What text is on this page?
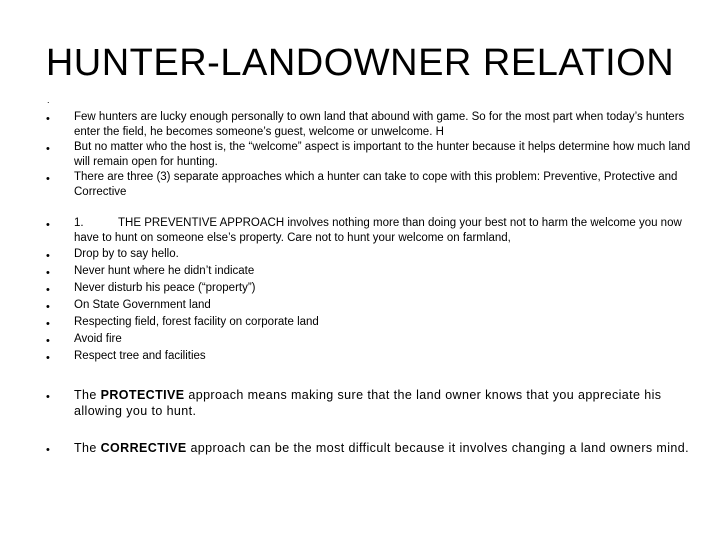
HUNTER-LANDOWNER RELATION
.
•
•
•
•
•
•
•
•
•
•
•
•
•
Few hunters are lucky enough personally to own land that abound with game. So for the most part when today’s hunters enter the field, he becomes someone’s guest, welcome or unwelcome. H
But no matter who the host is, the “welcome” aspect is important to the hunter because it helps determine how much land will remain open for hunting.
There are three (3) separate approaches which a hunter can take to cope with this problem: Preventive, Protective and Corrective
1.	THE PREVENTIVE APPROACH involves nothing more than doing your best not to harm the welcome you now have to hunt on someone else’s property. Care not to hunt your welcome on farmland,
Drop by to say hello.
Never hunt where he didn’t indicate
Never disturb his peace (“property”)
On State Government land
Respecting field, forest facility on corporate land
Avoid fire
Respect tree and facilities
The PROTECTIVE approach means making sure that the land owner knows that you appreciate his allowing you to hunt.
The CORRECTIVE approach can be the most difficult because it involves changing a land owners mind.
